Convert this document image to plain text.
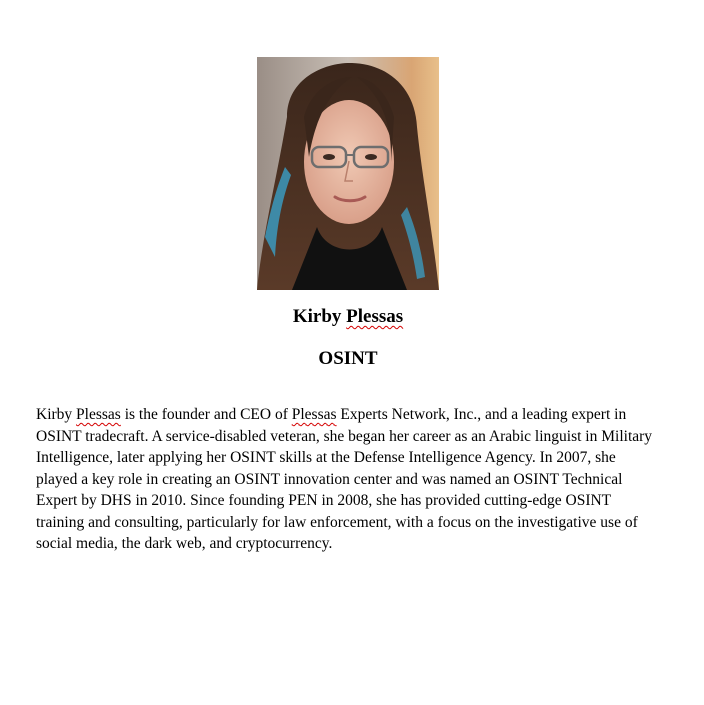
Kirby Plessas
OSINT

Kirby Plessas is the founder and CEO of Plessas Experts Network, Inc., and a leading expert in OSINT tradecraft. A service-disabled veteran, she began her career as an Arabic linguist in Military Intelligence, later applying her OSINT skills at the Defense Intelligence Agency. In 2007, she played a key role in creating an OSINT innovation center and was named an OSINT Technical Expert by DHS in 2010. Since founding PEN in 2008, she has provided cutting-edge OSINT training and consulting, particularly for law enforcement, with a focus on the investigative use of social media, the dark web, and cryptocurrency.
